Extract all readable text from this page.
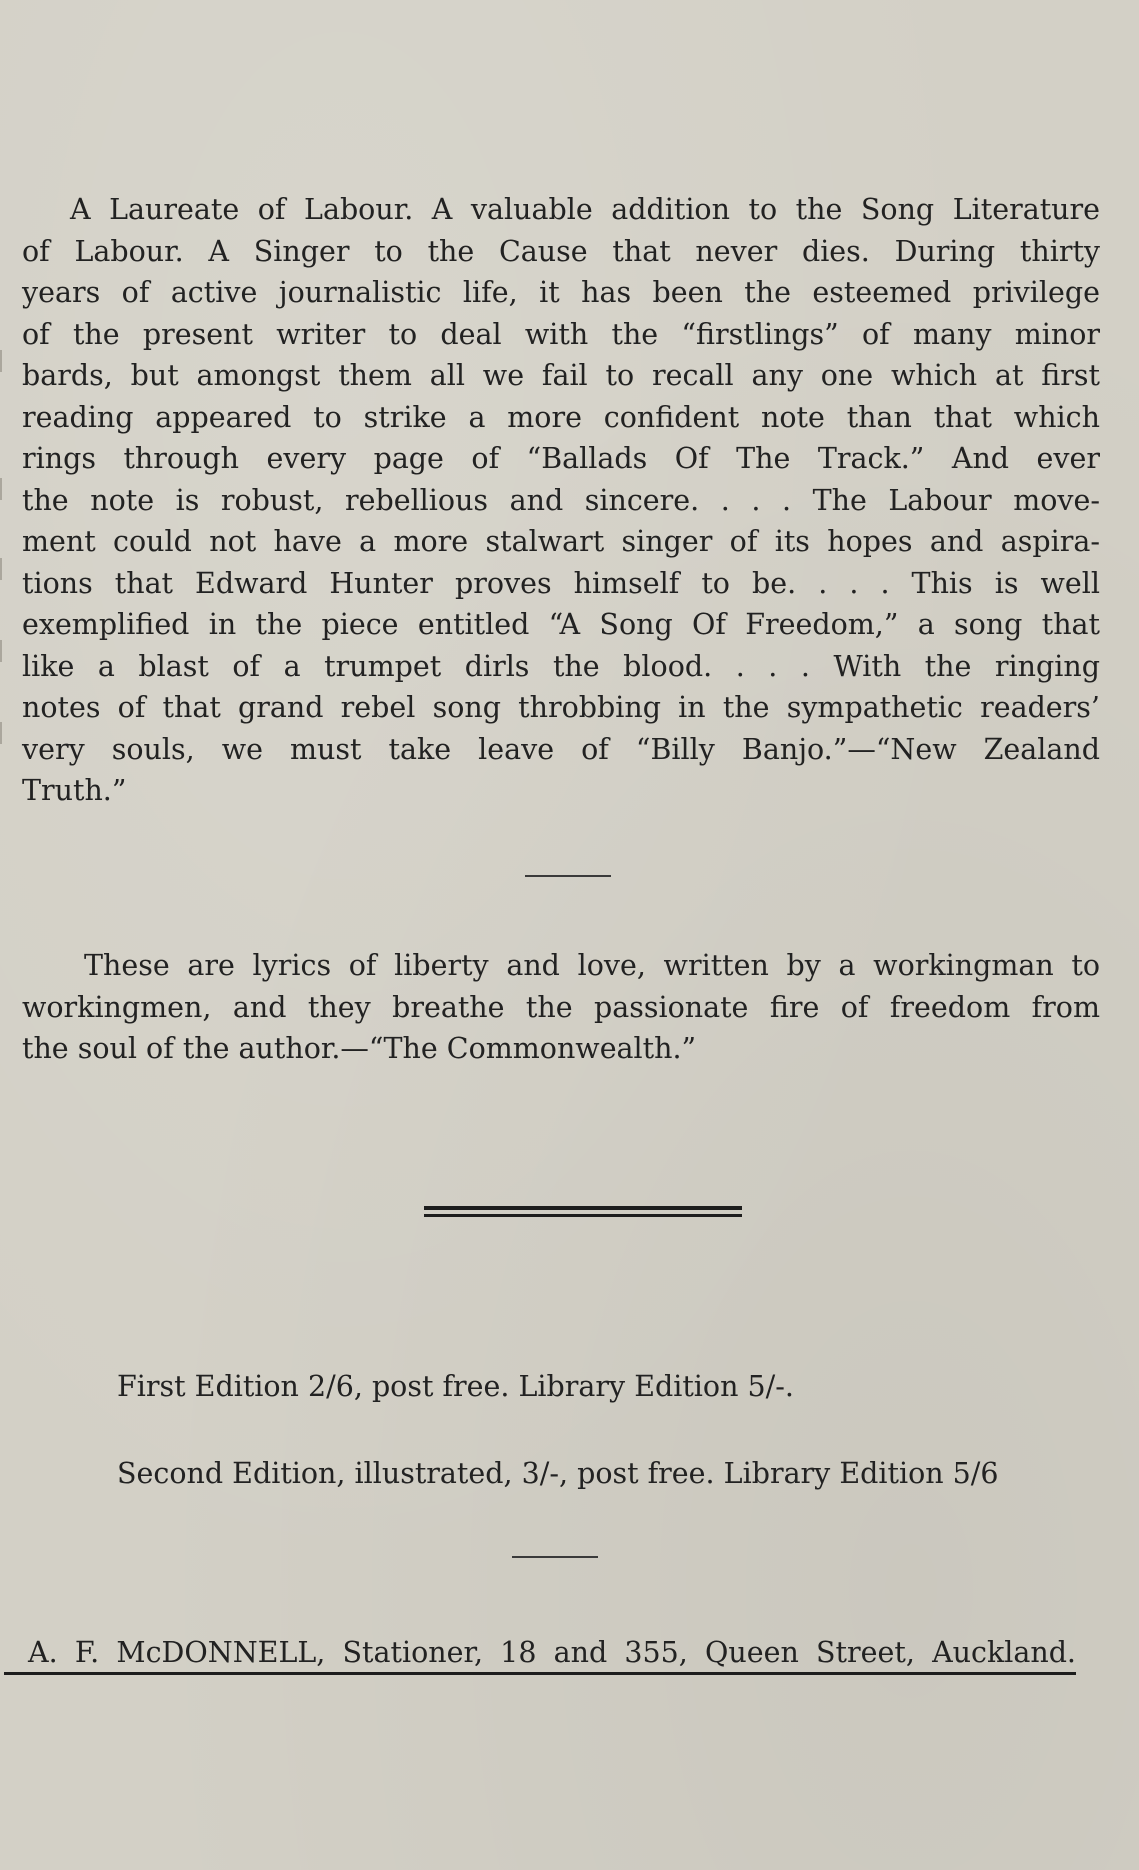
A Laureate of Labour. A valuable addition to the Song Literature
of Labour. A Singer to the Cause that never dies. During thirty
years of active journalistic life, it has been the esteemed privilege
of the present writer to deal with the “firstlings” of many minor
bards, but amongst them all we fail to recall any one which at first
reading appeared to strike a more confident note than that which
rings through every page of “Ballads Of The Track.” And ever
the note is robust, rebellious and sincere. . . . The Labour move-
ment could not have a more stalwart singer of its hopes and aspira-
tions that Edward Hunter proves himself to be. . . . This is well
exemplified in the piece entitled “A Song Of Freedom,” a song that
like a blast of a trumpet dirls the blood. . . . With the ringing
notes of that grand rebel song throbbing in the sympathetic readers’
very souls, we must take leave of “Billy Banjo.”—“New Zealand
Truth.”
These are lyrics of liberty and love, written by a workingman to
workingmen, and they breathe the passionate fire of freedom from
the soul of the author.—“The Commonwealth.”

First Edition 2/6, post free. Library Edition 5/-.

Second Edition, illustrated, 3/-, post free. Library Edition 5/6

A. F. McDONNELL, Stationer, 18 and 355, Queen Street, Auckland.
